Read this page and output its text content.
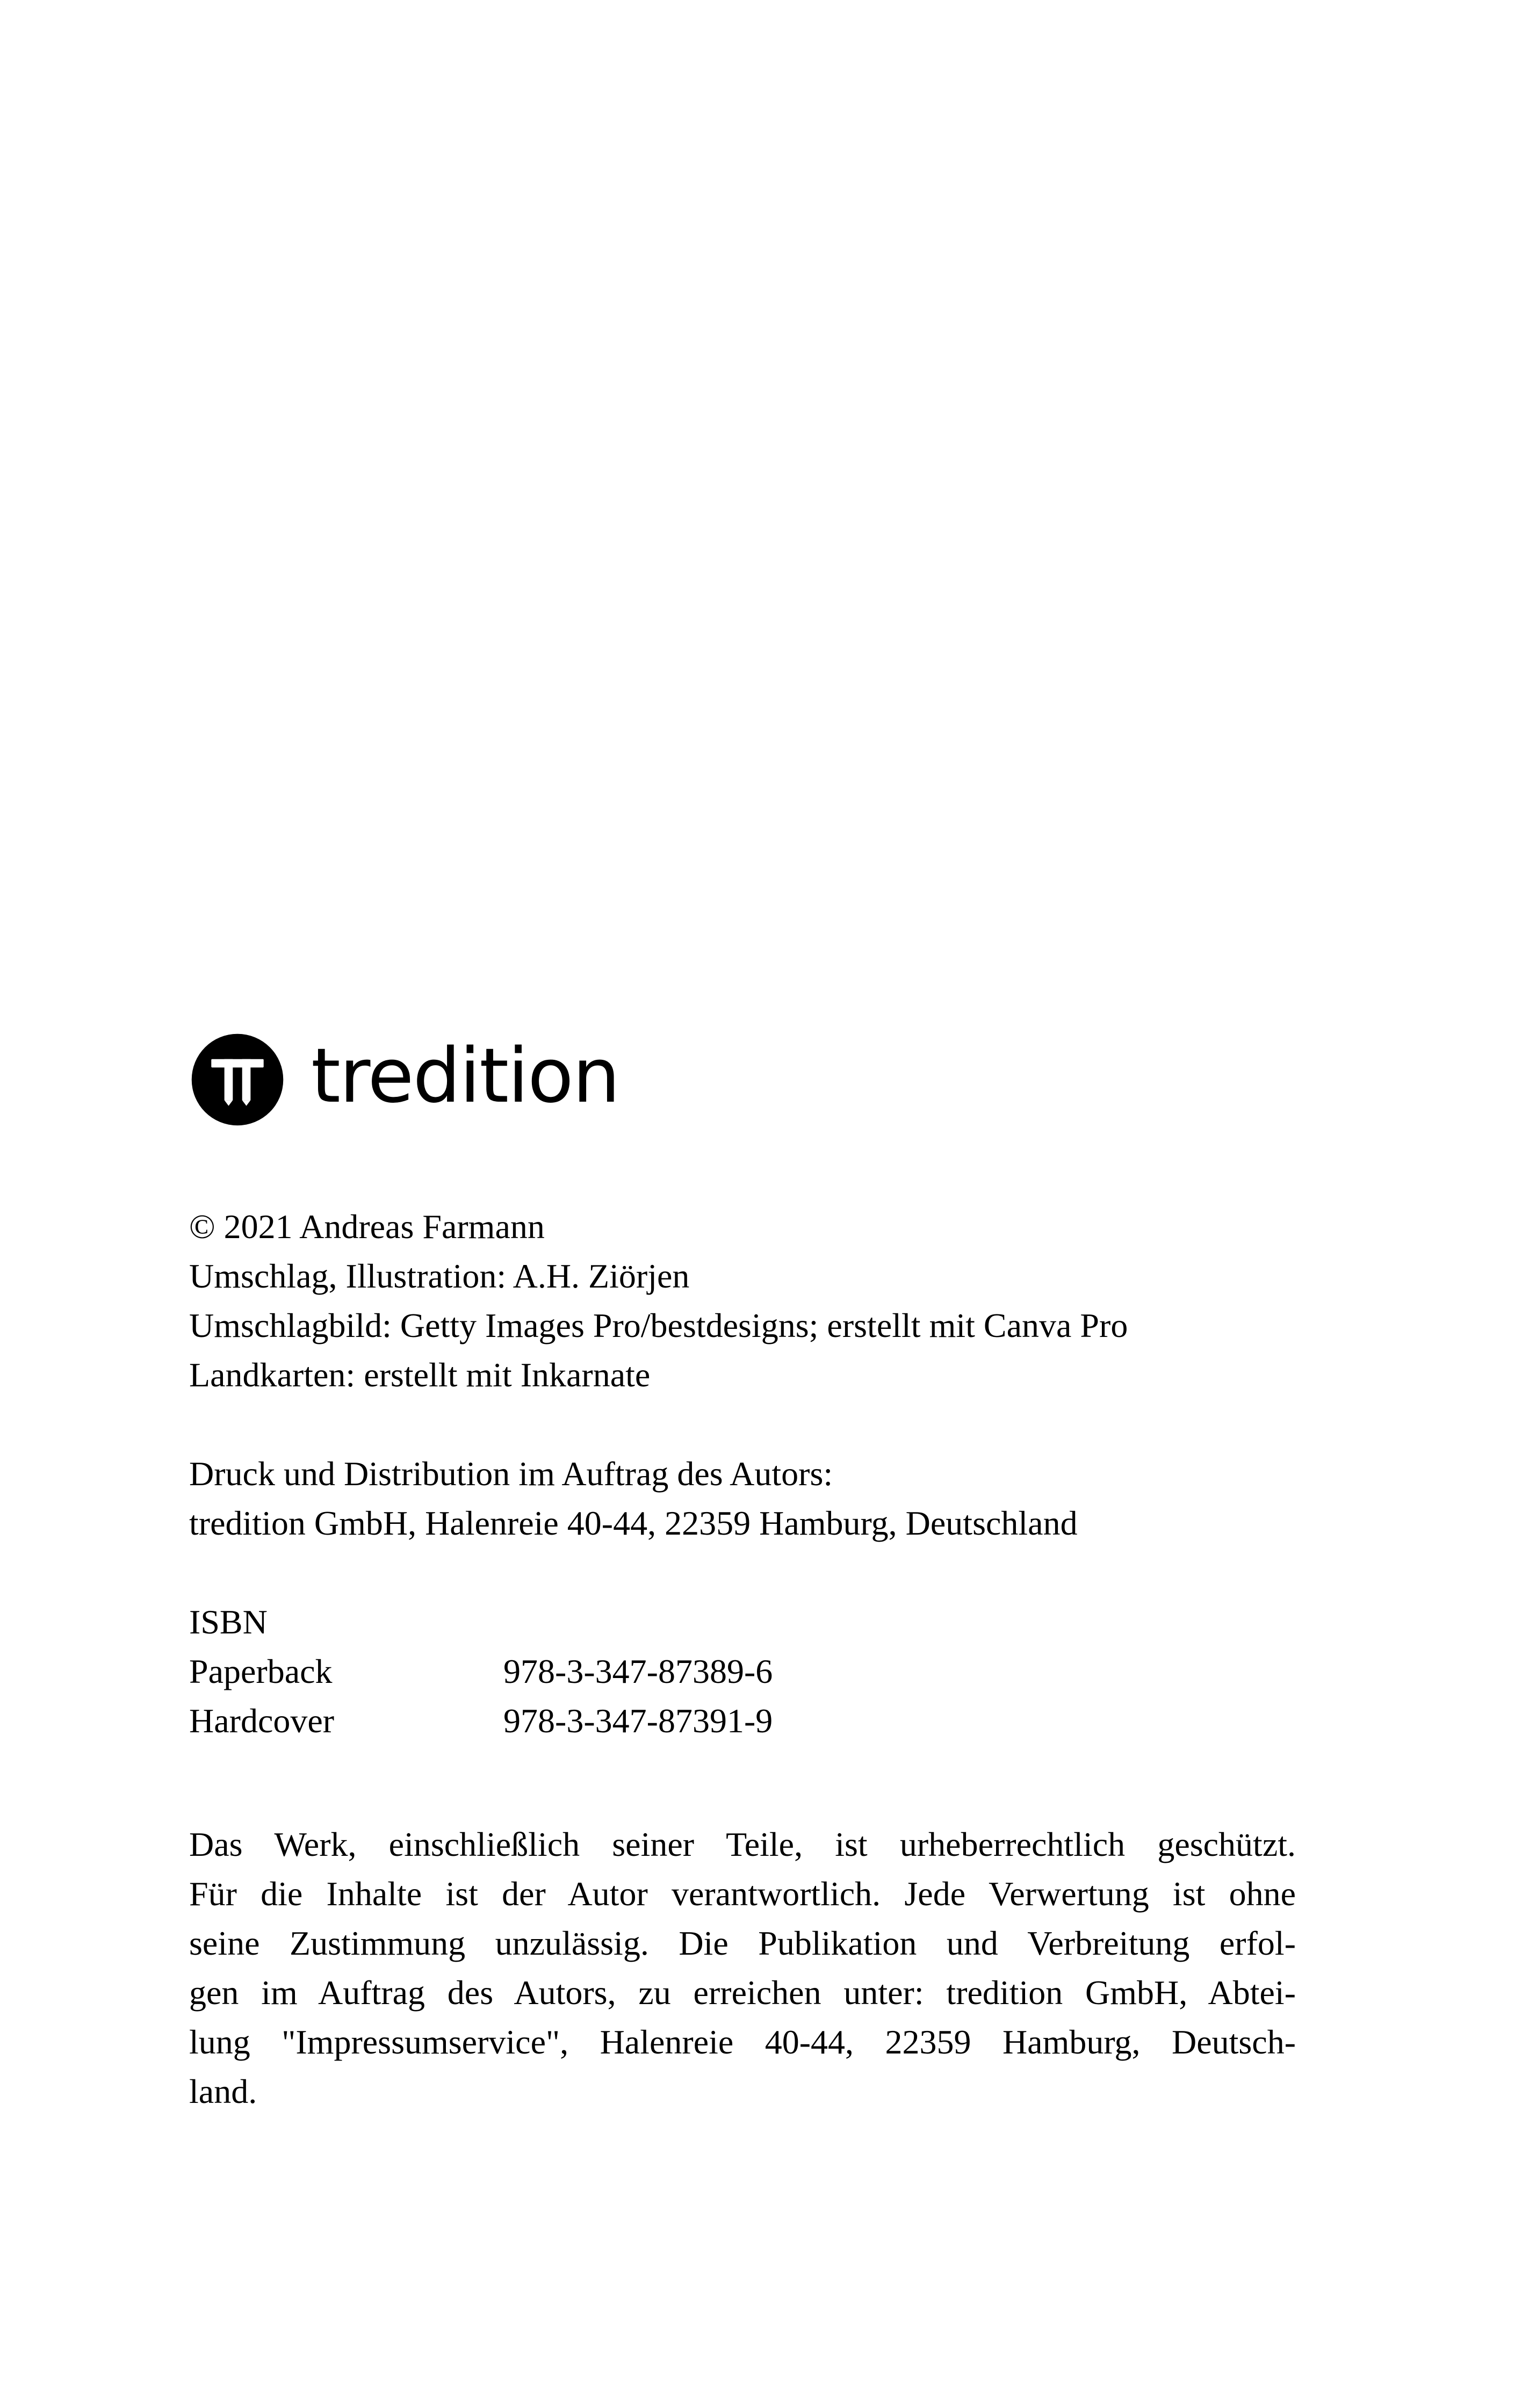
tredition

© 2021 Andreas Farmann

Umschlag, Illustration: A.H. Ziörjen

Umschlagbild: Getty Images Pro/bestdesigns; erstellt mit Canva Pro

Landkarten: erstellt mit Inkarnate

Druck und Distribution im Auftrag des Autors:

tredition GmbH, Halenreie 40-44, 22359 Hamburg, Deutschland

ISBN

Paperback	978-3-347-87389-6
Hardcover	978-3-347-87391-9
Das Werk, einschließlich seiner Teile, ist urheberrechtlich geschützt.
Für die Inhalte ist der Autor verantwortlich. Jede Verwertung ist ohne
seine Zustimmung unzulässig. Die Publikation und Verbreitung erfol-
gen im Auftrag des Autors, zu erreichen unter: tredition GmbH, Abtei-
lung "Impressumservice", Halenreie 40-44, 22359 Hamburg, Deutsch-
land.
